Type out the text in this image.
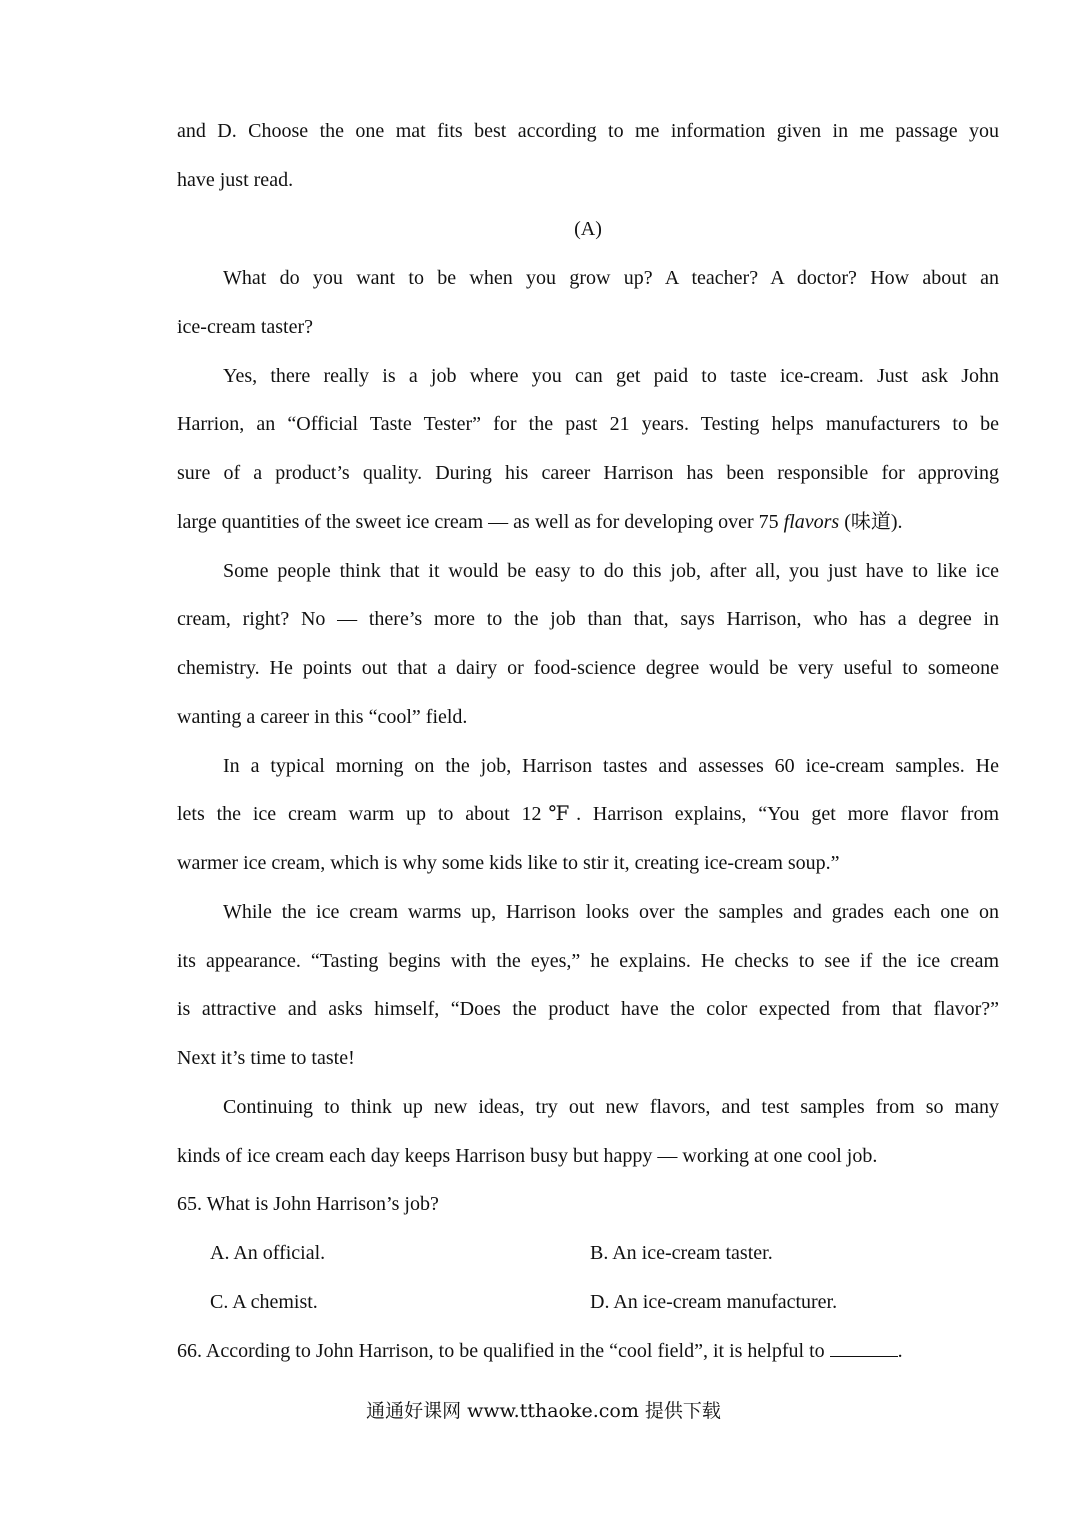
and D. Choose the one mat fits best according to me information given in me passage you
have just read.
(A)
What do you want to be when you grow up? A teacher? A doctor? How about an
ice-cream taster?
Yes, there really is a job where you can get paid to taste ice-cream. Just ask John
Harrion, an “Official Taste Tester” for the past 21 years. Testing helps manufacturers to be
sure of a product’s quality. During his career Harrison has been responsible for approving
large quantities of the sweet ice cream — as well as for developing over 75 flavors (味道).
Some people think that it would be easy to do this job, after all, you just have to like ice
cream, right? No — there’s more to the job than that, says Harrison, who has a degree in
chemistry. He points out that a dairy or food-science degree would be very useful to someone
wanting a career in this “cool” field.
In a typical morning on the job, Harrison tastes and assesses 60 ice-cream samples. He
lets the ice cream warm up to about 12℉. Harrison explains, “You get more flavor from
warmer ice cream, which is why some kids like to stir it, creating ice-cream soup.”
While the ice cream warms up, Harrison looks over the samples and grades each one on
its appearance. “Tasting begins with the eyes,” he explains. He checks to see if the ice cream
is attractive and asks himself, “Does the product have the color expected from that flavor?”
Next it’s time to taste!
Continuing to think up new ideas, try out new flavors, and test samples from so many
kinds of ice cream each day keeps Harrison busy but happy — working at one cool job.
65. What is John Harrison’s job?
A. An official.	B. An ice-cream taster.
C. A chemist.	D. An ice-cream manufacturer.
66. According to John Harrison, to be qualified in the “cool field”, it is helpful to	.
通通好课网 www.tthaoke.com 提供下载
